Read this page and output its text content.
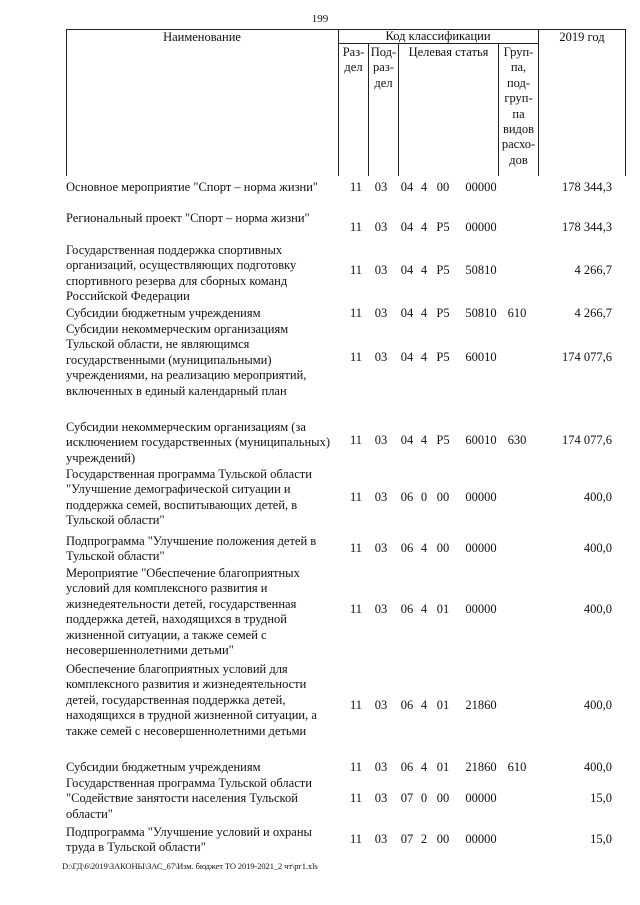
199
Наименование	Код классификации	2019 год
Раз-
дел
Под-
раз-
дел
Целевая статья	Груп-
па,
под-
груп-
па
видов
расхо-
дов
Основное мероприятие "Спорт – норма жизни"	11	03	04 4 00	00000	178 344,3
Региональный проект "Спорт – норма жизни"
11	03	04 4 P5	00000	178 344,3
Государственная поддержка спортивных
организаций, осуществляющих подготовку
спортивного резерва для сборных команд
Российской Федерации
11	03	04 4 P5	50810	4 266,7
Субсидии бюджетным учреждениям	11	03	04 4 P5	50810 610	4 266,7
Субсидии некоммерческим организациям
Тульской области, не являющимся
государственными (муниципальными)
учреждениями, на реализацию мероприятий,
включенных в единый календарный план
11	03	04 4 P5	60010	174 077,6
Субсидии некоммерческим организациям (за
исключением государственных (муниципальных)
учреждений)
11	03	04 4 P5	60010 630	174 077,6
Государственная программа Тульской области
"Улучшение демографической ситуации и
поддержка семей, воспитывающих детей, в
Тульской области"
11	03	06 0 00	00000	400,0
Подпрограмма "Улучшение положения детей в
Тульской области"
11	03	06 4 00	00000	400,0
Мероприятие "Обеспечение благоприятных
условий для комплексного развития и
жизнедеятельности детей, государственная
поддержка детей, находящихся в трудной
жизненной ситуации, а также семей с
несовершеннолетними детьми"
11	03	06 4 01	00000	400,0
Обеспечение благоприятных условий для
комплексного развития и жизнедеятельности
детей, государственная поддержка детей,
находящихся в трудной жизненной ситуации, а
также семей с несовершеннолетними детьми
11	03	06 4 01	21860	400,0
Субсидии бюджетным учреждениям	11	03	06 4 01	21860 610	400,0
Государственная программа Тульской области
"Содействие занятости населения Тульской
области"
11	03	07 0 00	00000	15,0
Подпрограмма "Улучшение условий и охраны
труда в Тульской области"
11	03	07 2 00	00000	15,0
D:\ГД\6\2019\ЗАКОНЫ\ЗАС_67\Изм. бюджет ТО 2019-2021_2 чт\рг1.xls
